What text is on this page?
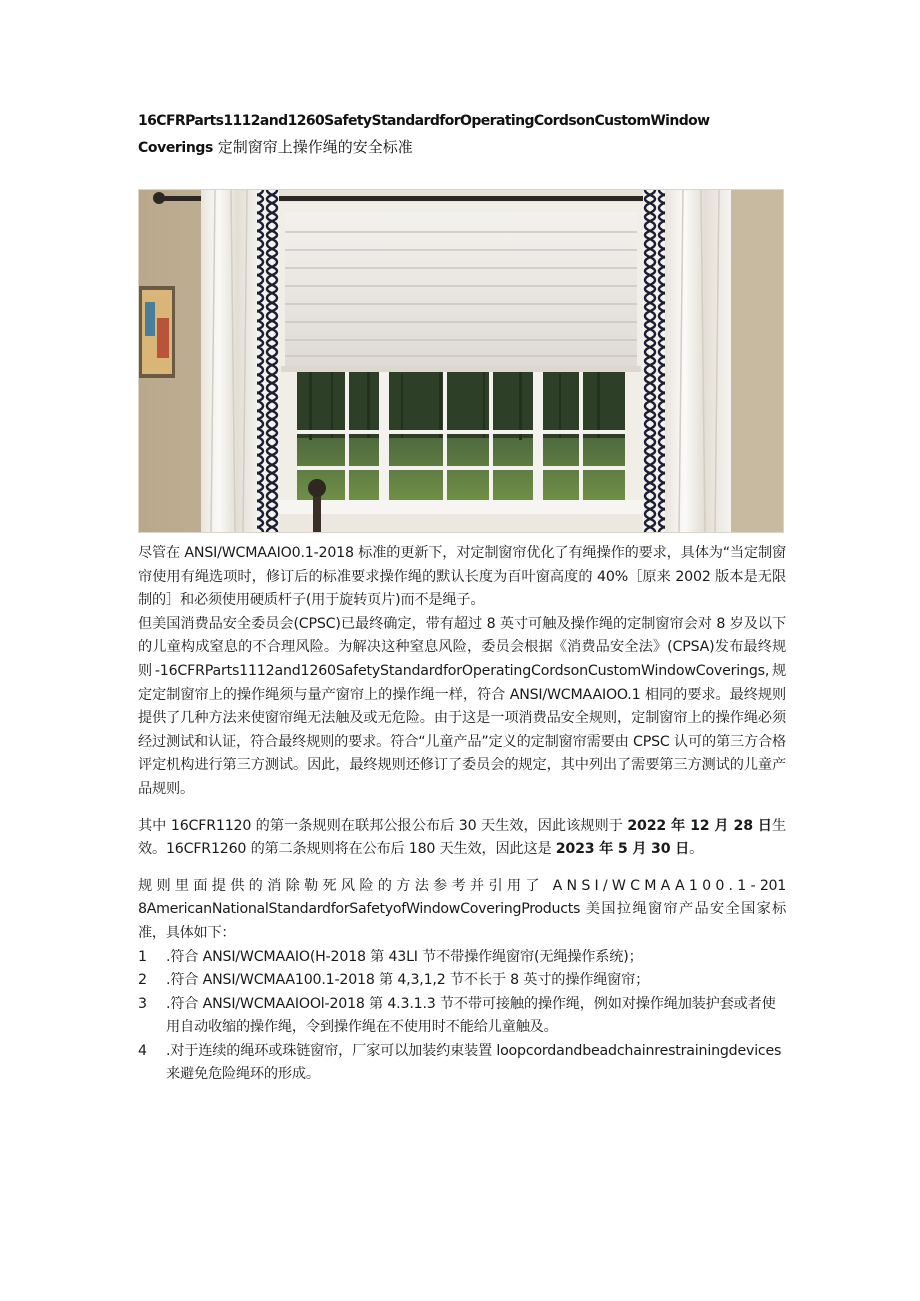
16CFRParts1112and1260SafetyStandardforOperatingCordsonCustomWindow
Coverings 定制窗帘上操作绳的安全标准

尽管在 ANSI/WCMAAIO0.1-2018 标准的更新下，对定制窗帘优化了有绳操作的要求，具体为“当定制窗帘使用有绳选项时，修订后的标准要求操作绳的默认长度为百叶窗高度的 40%［原来 2002 版本是无限制的］和必须使用硬质杆子(用于旋转页片)而不是绳子。

但美国消费品安全委员会(CPSC)已最终确定，带有超过 8 英寸可触及操作绳的定制窗帘会对 8 岁及以下的儿童构成窒息的不合理风险。为解决这种窒息风险，委员会根据《消费品安全法》(CPSA)发布最终规则-16CFRParts1112and1260SafetyStandardforOperatingCordsonCustomWindowCoverings,规定定制窗帘上的操作绳须与量产窗帘上的操作绳一样，符合 ANSI/WCMAAIOO.1 相同的要求。最终规则提供了几种方法来使窗帘绳无法触及或无危险。由于这是一项消费品安全规则，定制窗帘上的操作绳必须经过测试和认证，符合最终规则的要求。符合“儿童产品”定义的定制窗帘需要由 CPSC 认可的第三方合格评定机构进行第三方测试。因此，最终规则还修订了委员会的规定，其中列出了需要第三方测试的儿童产品规则。

其中 16CFR1120 的第一条规则在联邦公报公布后 30 天生效，因此该规则于 2022 年 12 月 28 日生效。16CFR1260 的第二条规则将在公布后 180 天生效，因此这是 2023 年 5 月 30 日。

规则里面提供的消除勒死风险的方法参考并引用了 ANSI/WCMAA100.1-2018AmericanNationalStandardforSafetyofWindowCoveringProducts 美国拉绳窗帘产品安全国家标准，具体如下：

1 .符合 ANSI/WCMAAIO(H-2018 第 43LI 节不带操作绳窗帘(无绳操作系统)；
2 .符合 ANSI/WCMAA100.1-2018 第 4,3,1,2 节不长于 8 英寸的操作绳窗帘；
3 .符合 ANSI/WCMAAIOOl-2018 第 4.3.1.3 节不带可接触的操作绳，例如对操作绳加装护套或者使用自动收缩的操作绳，令到操作绳在不使用时不能给儿童触及。
4 .对于连续的绳环或珠链窗帘，厂家可以加装约束装置 loopcordandbeadchainrestrainingdevices 来避免危险绳环的形成。
